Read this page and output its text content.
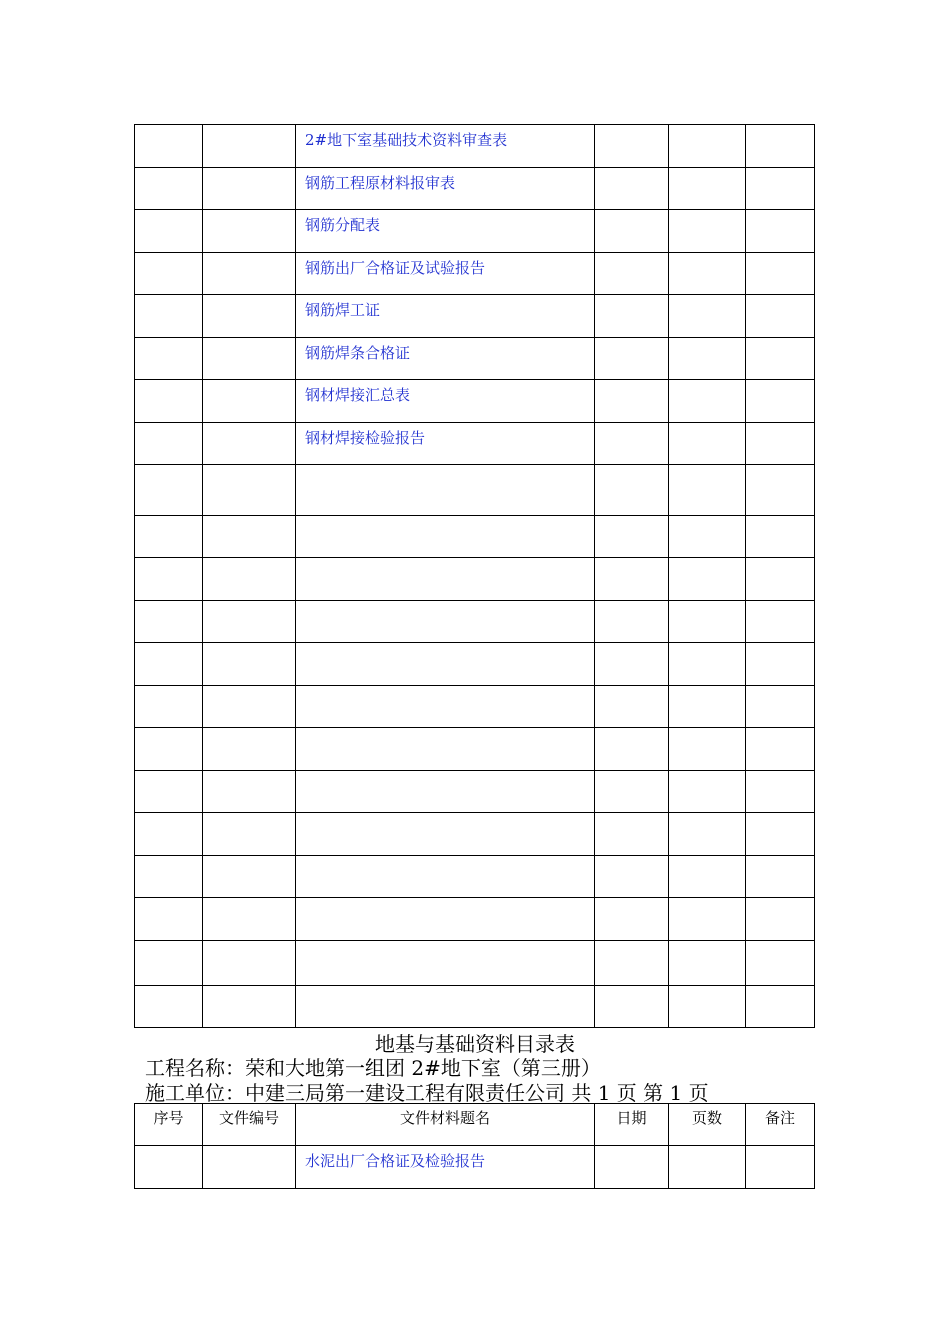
		2#地下室基础技术资料审查表			
		钢筋工程原材料报审表			
		钢筋分配表			
		钢筋出厂合格证及试验报告			
		钢筋焊工证			
		钢筋焊条合格证			
		钢材焊接汇总表			
		钢材焊接检验报告			

地基与基础资料目录表
工程名称：荣和大地第一组团 2#地下室（第三册）
施工单位：中建三局第一建设工程有限责任公司 共 1 页 第 1 页
序号	文件编号	文件材料题名	日期	页数	备注
		水泥出厂合格证及检验报告			
